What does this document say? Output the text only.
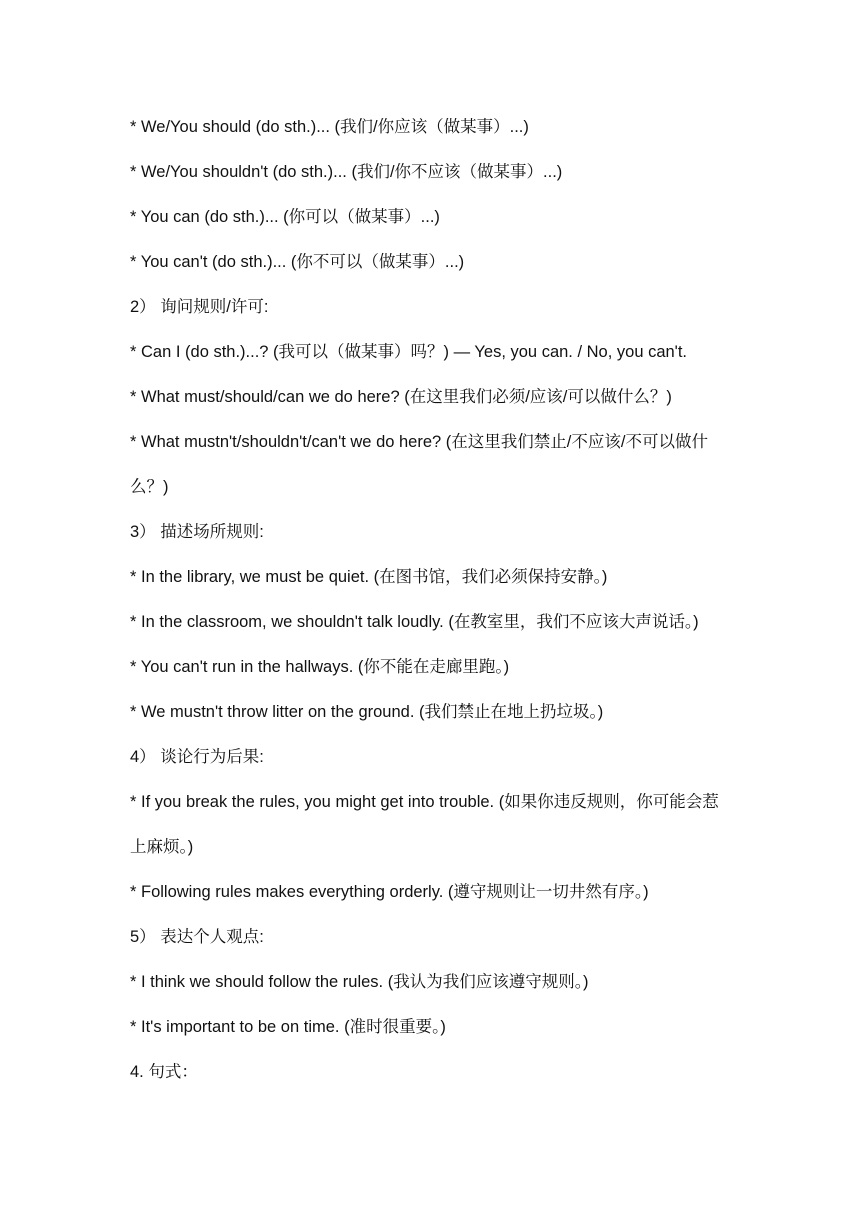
* We/You should (do sth.)... (我们/你应该（做某事）...)
* We/You shouldn't (do sth.)... (我们/你不应该（做某事）...)
* You can (do sth.)... (你可以（做某事）...)
* You can't (do sth.)... (你不可以（做某事）...)
2） 询问规则/许可:
* Can I (do sth.)...? (我可以（做某事）吗？) — Yes, you can. / No, you can't.
* What must/should/can we do here? (在这里我们必须/应该/可以做什么？)
* What mustn't/shouldn't/can't we do here? (在这里我们禁止/不应该/不可以做什
么？)
3） 描述场所规则:
* In the library, we must be quiet. (在图书馆，我们必须保持安静。)
* In the classroom, we shouldn't talk loudly. (在教室里，我们不应该大声说话。)
* You can't run in the hallways. (你不能在走廊里跑。)
* We mustn't throw litter on the ground. (我们禁止在地上扔垃圾。)
4） 谈论行为后果:
* If you break the rules, you might get into trouble. (如果你违反规则，你可能会惹
上麻烦。)
* Following rules makes everything orderly. (遵守规则让一切井然有序。)
5） 表达个人观点:
* I think we should follow the rules. (我认为我们应该遵守规则。)
* It's important to be on time. (准时很重要。)
4. 句式：
